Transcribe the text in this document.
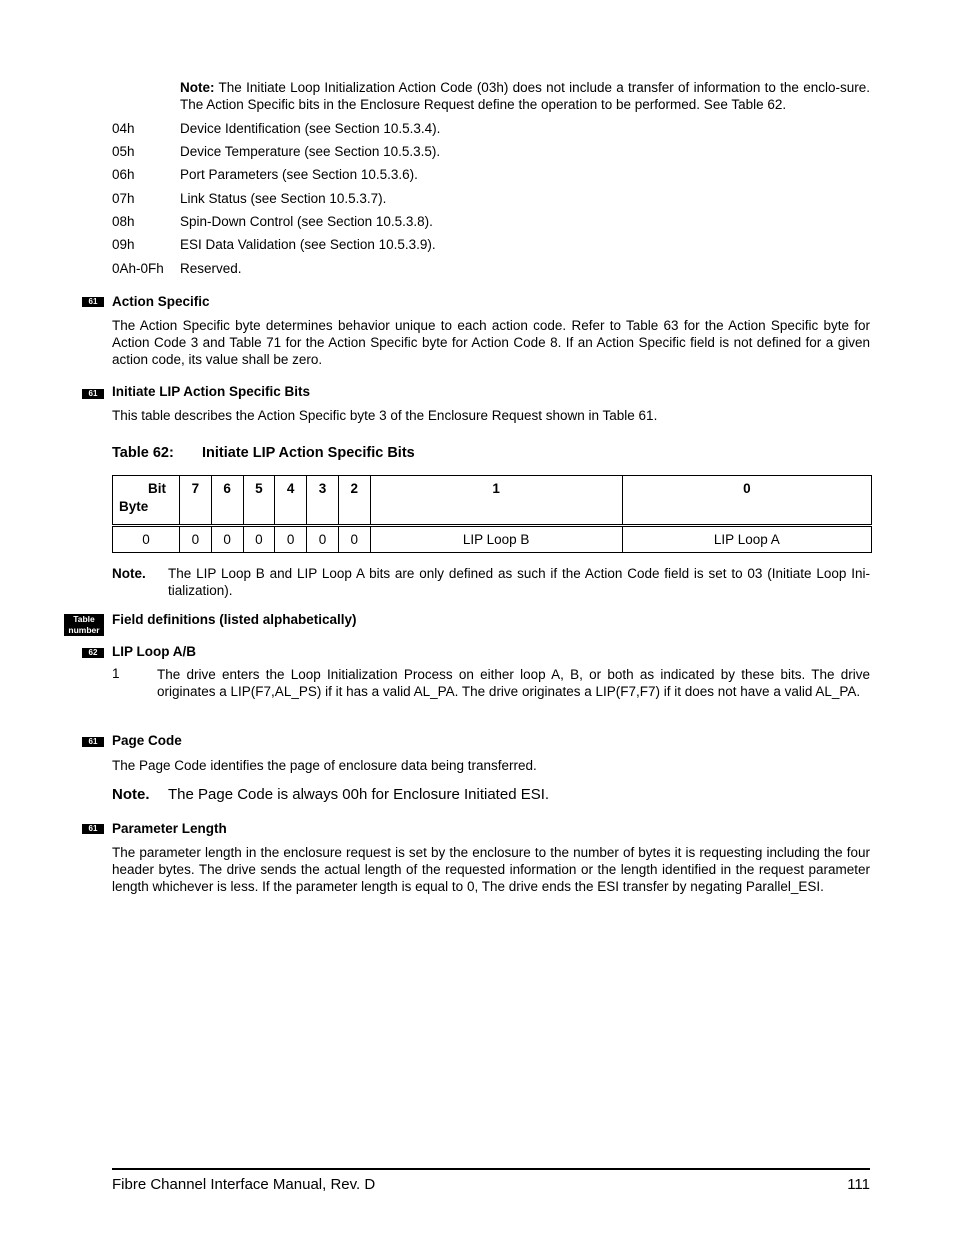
Note: The Initiate Loop Initialization Action Code (03h) does not include a transfer of information to the enclo-sure. The Action Specific bits in the Enclosure Request define the operation to be performed. See Table 62.
04h	Device Identification (see Section 10.5.3.4).
05h	Device Temperature (see Section 10.5.3.5).
06h	Port Parameters (see Section 10.5.3.6).
07h	Link Status (see Section 10.5.3.7).
08h	Spin-Down Control (see Section 10.5.3.8).
09h	ESI Data Validation (see Section 10.5.3.9).
0Ah-0Fh	Reserved.
61	Action Specific
The Action Specific byte determines behavior unique to each action code. Refer to Table 63 for the Action Specific byte for Action Code 3 and Table 71 for the Action Specific byte for Action Code 8. If an Action Specific field is not defined for a given action code, its value shall be zero.
61	Initiate LIP Action Specific Bits
This table describes the Action Specific byte 3 of the Enclosure Request shown in Table 61.
Table 62: Initiate LIP Action Specific Bits
Bit
Byte	7	6	5	4	3	2	1	0
0	0	0	0	0	0	0	LIP Loop B	LIP Loop A
Note. The LIP Loop B and LIP Loop A bits are only defined as such if the Action Code field is set to 03 (Initiate Loop Ini-tialization).
Table
number
Field definitions (listed alphabetically)
62	LIP Loop A/B
1	The drive enters the Loop Initialization Process on either loop A, B, or both as indicated by these bits. The drive originates a LIP(F7,AL_PS) if it has a valid AL_PA. The drive originates a LIP(F7,F7) if it does not have a valid AL_PA.
61	Page Code
The Page Code identifies the page of enclosure data being transferred.
Note. The Page Code is always 00h for Enclosure Initiated ESI.
61	Parameter Length
The parameter length in the enclosure request is set by the enclosure to the number of bytes it is requesting including the four header bytes. The drive sends the actual length of the requested information or the length identified in the request parameter length whichever is less. If the parameter length is equal to 0, The drive ends the ESI transfer by negating Parallel_ESI.
Fibre Channel Interface Manual, Rev. D	111
